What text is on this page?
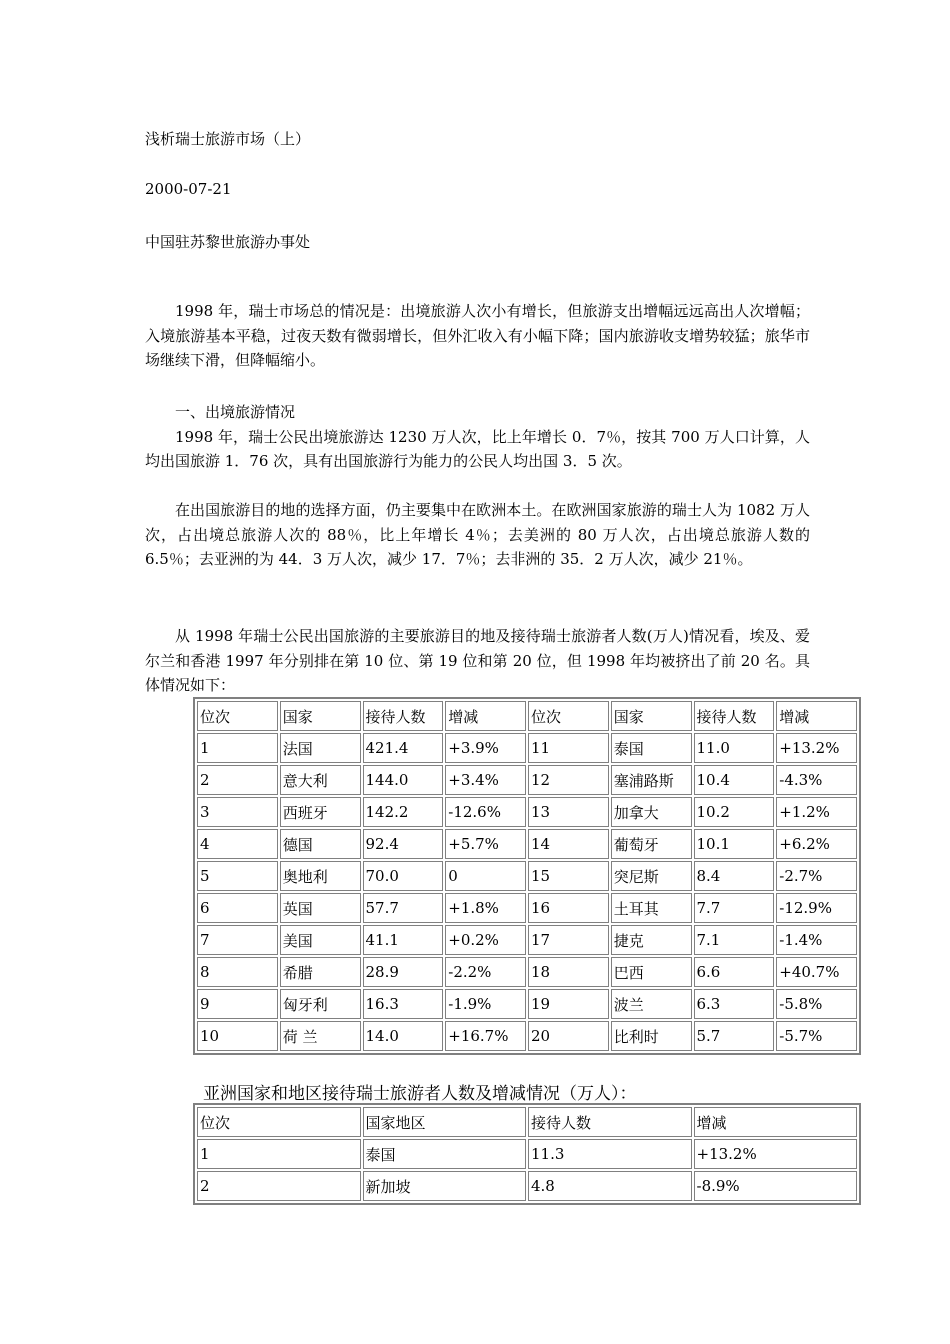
浅析瑞士旅游市场（上）
2000-07-21
中国驻苏黎世旅游办事处

1998 年，瑞士市场总的情况是：出境旅游人次小有增长，但旅游支出增幅远远高出人次增幅；入境旅游基本平稳，过夜天数有微弱增长，但外汇收入有小幅下降；国内旅游收支增势较猛；旅华市场继续下滑，但降幅缩小。

一、出境旅游情况

1998 年，瑞士公民出境旅游达 1230 万人次，比上年增长 0．7％，按其 700 万人口计算，人均出国旅游 1．76 次，具有出国旅游行为能力的公民人均出国 3．5 次。

在出国旅游目的地的选择方面，仍主要集中在欧洲本土。在欧洲国家旅游的瑞士人为 1082 万人次，占出境总旅游人次的 88％，比上年增长 4％；去美洲的 80 万人次，占出境总旅游人数的 6.5％；去亚洲的为 44．3 万人次，减少 17．7％；去非洲的 35．2 万人次，减少 21％。

从 1998 年瑞士公民出国旅游的主要旅游目的地及接待瑞士旅游者人数(万人)情况看，埃及、爱尔兰和香港 1997 年分别排在第 10 位、第 19 位和第 20 位，但 1998 年均被挤出了前 20 名。具体情况如下：

位次	国家	接待人数	增减	位次	国家	接待人数	增减
1	法国	421.4	+3.9%	11	泰国	11.0	+13.2%
2	意大利	144.0	+3.4%	12	塞浦路斯	10.4	-4.3%
3	西班牙	142.2	-12.6%	13	加拿大	10.2	+1.2%
4	德国	92.4	+5.7%	14	葡萄牙	10.1	+6.2%
5	奥地利	70.0	0	15	突尼斯	8.4	-2.7%
6	英国	57.7	+1.8%	16	土耳其	7.7	-12.9%
7	美国	41.1	+0.2%	17	捷克	7.1	-1.4%
8	希腊	28.9	-2.2%	18	巴西	6.6	+40.7%
9	匈牙利	16.3	-1.9%	19	波兰	6.3	-5.8%
10	荷 兰	14.0	+16.7%	20	比利时	5.7	-5.7%
亚洲国家和地区接待瑞士旅游者人数及增减情况（万人）：
位次	国家地区	接待人数	增减
1	泰国	11.3	+13.2%
2	新加坡	4.8	-8.9%
